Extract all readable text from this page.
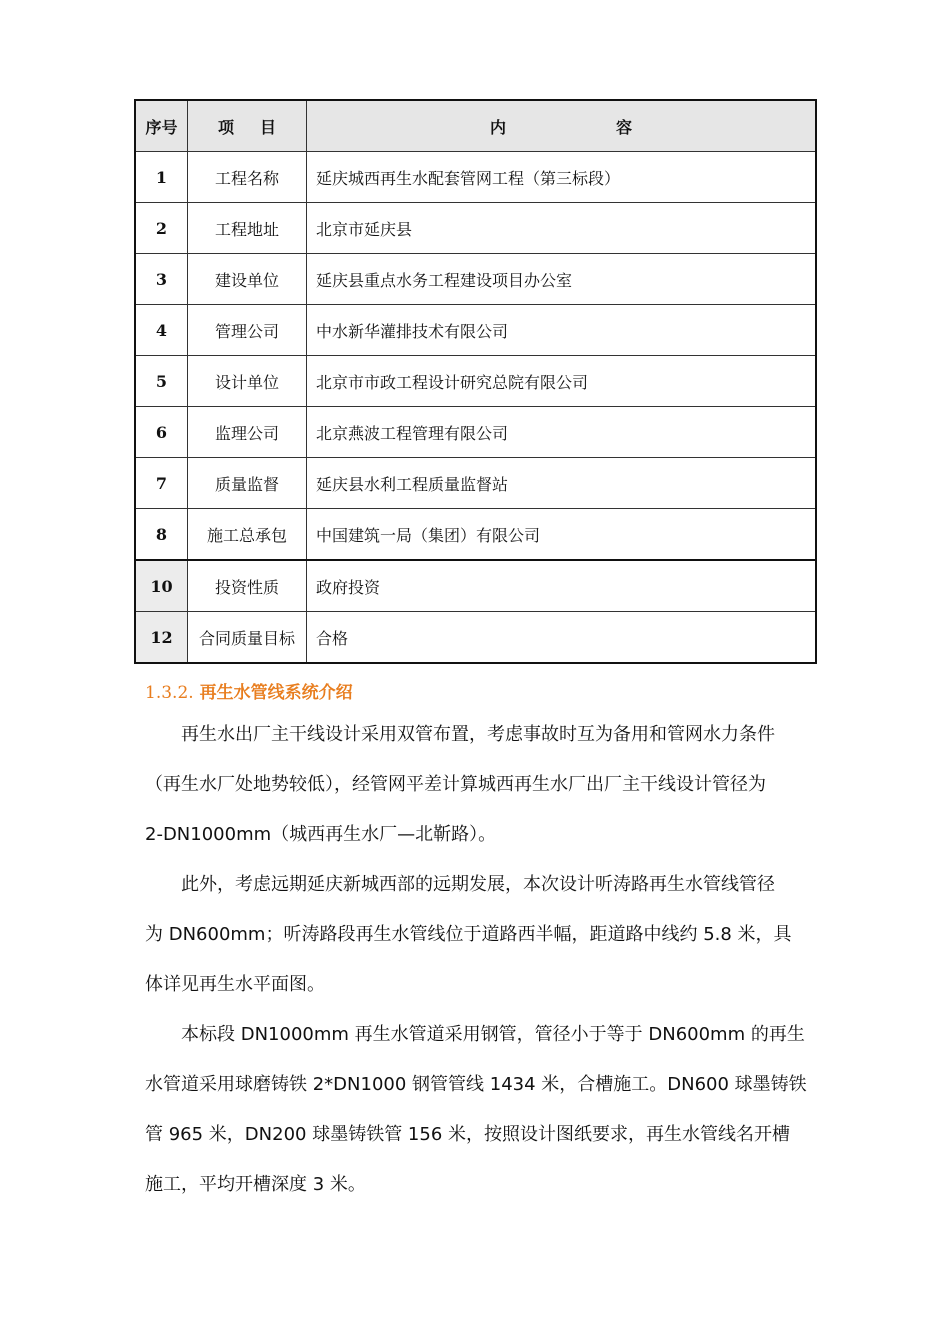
序号	项 目	内 容

1	工程名称	延庆城西再生水配套管网工程（第三标段）
2	工程地址	北京市延庆县
3	建设单位	延庆县重点水务工程建设项目办公室
4	管理公司	中水新华灌排技术有限公司
5	设计单位	北京市市政工程设计研究总院有限公司
6	监理公司	北京燕波工程管理有限公司
7	质量监督	延庆县水利工程质量监督站
8	施工总承包	中国建筑一局（集团）有限公司
10	投资性质	政府投资
12	合同质量目标	合格
1.3.2. 再生水管线系统介绍
再生水出厂主干线设计采用双管布置，考虑事故时互为备用和管网水力条件
（再生水厂处地势较低），经管网平差计算城西再生水厂出厂主干线设计管径为
2-DN1000mm（城西再生水厂—北靳路）。
此外，考虑远期延庆新城西部的远期发展，本次设计听涛路再生水管线管径
为 DN600mm；听涛路段再生水管线位于道路西半幅，距道路中线约 5.8 米，具
体详见再生水平面图。
本标段 DN1000mm 再生水管道采用钢管，管径小于等于 DN600mm 的再生
水管道采用球磨铸铁 2*DN1000 钢管管线 1434 米，合槽施工。DN600 球墨铸铁
管 965 米，DN200 球墨铸铁管 156 米，按照设计图纸要求，再生水管线名开槽
施工，平均开槽深度 3 米。
